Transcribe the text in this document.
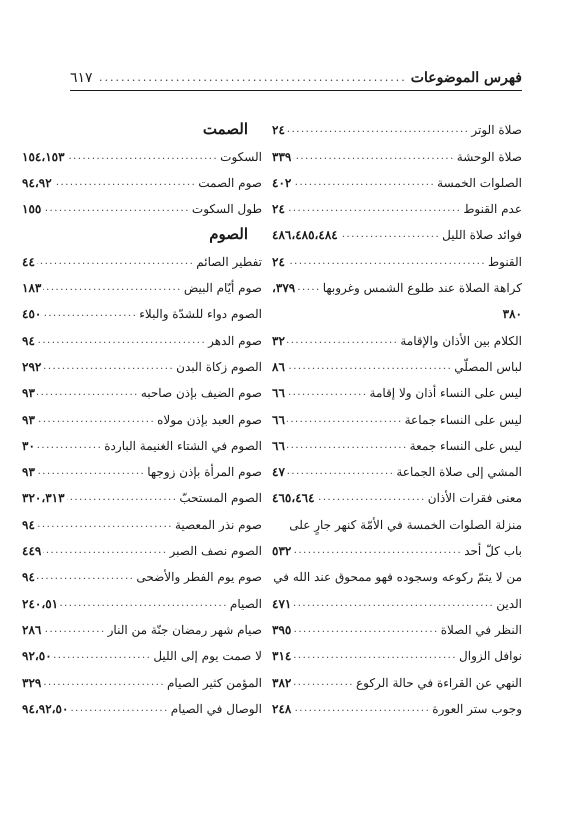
فهرس الموضوعات
.....
٦١٧
صلاة الوتر
.....
٢٤
صلاة الوحشة
.....
٣٣٩
الصلوات الخمسة
.....
٤٠٢
عدم القنوط
.....
٢٤
فوائد صلاة الليل
.....
٤٨٦،٤٨٥،٤٨٤
القنوط
.....
٢٤
كراهة الصلاة عند طلوع الشمس وغروبها
.....
٣٧٩،
٣٨٠
الكلام بين الأذان والإقامة
.....
٣٢
لباس المصلّي
.....
٨٦
ليس على النساء أذان ولا إقامة
.....
٦٦
ليس على النساء جماعة
.....
٦٦
ليس على النساء جمعة
.....
٦٦
المشي إلى صلاة الجماعة
.....
٤٧
معنى فقرات الأذان
.....
٤٦٥،٤٦٤
منزلة الصلوات الخمسة في الأمّة كنهر جارٍ على
باب كلّ أحد
.....
٥٣٢
من لا يتمّ ركوعه وسجوده فهو ممحوق عند الله في
الدين
.....
٤٧١
النظر في الصلاة
.....
٣٩٥
نوافل الزوال
.....
٣١٤
النهي عن القراءة في حالة الركوع
.....
٣٨٢
وجوب ستر العورة
.....
٢٤٨
الصمت
السكوت
.....
١٥٤،١٥٣
صوم الصمت
.....
٩٤،٩٢
طول السكوت
.....
١٥٥
الصوم
تفطير الصائم
.....
٤٤
صوم أيّام البيض
.....
١٨٣
الصوم دواء للشدّة والبلاء
.....
٤٥٠
صوم الدهر
.....
٩٤
الصوم زكاة البدن
.....
٢٩٢
صوم الضيف بإذن صاحبه
.....
٩٣
صوم العبد بإذن مولاه
.....
٩٣
الصوم في الشتاء الغنيمة الباردة
.....
٣٠
صوم المرأة بإذن زوجها
.....
٩٣
الصوم المستحبّ
.....
٣٢٠،٣١٣
صوم نذر المعصية
.....
٩٤
الصوم نصف الصبر
.....
٤٤٩
صوم يوم الفطر والأضحى
.....
٩٤
الصيام
.....
٢٤٠،٥١
صيام شهر رمضان جنّة من النار
.....
٢٨٦
لا صمت يوم إلى الليل
.....
٩٢،٥٠
المؤمن كثير الصيام
.....
٣٢٩
الوصال في الصيام
.....
٩٤،٩٢،٥٠
